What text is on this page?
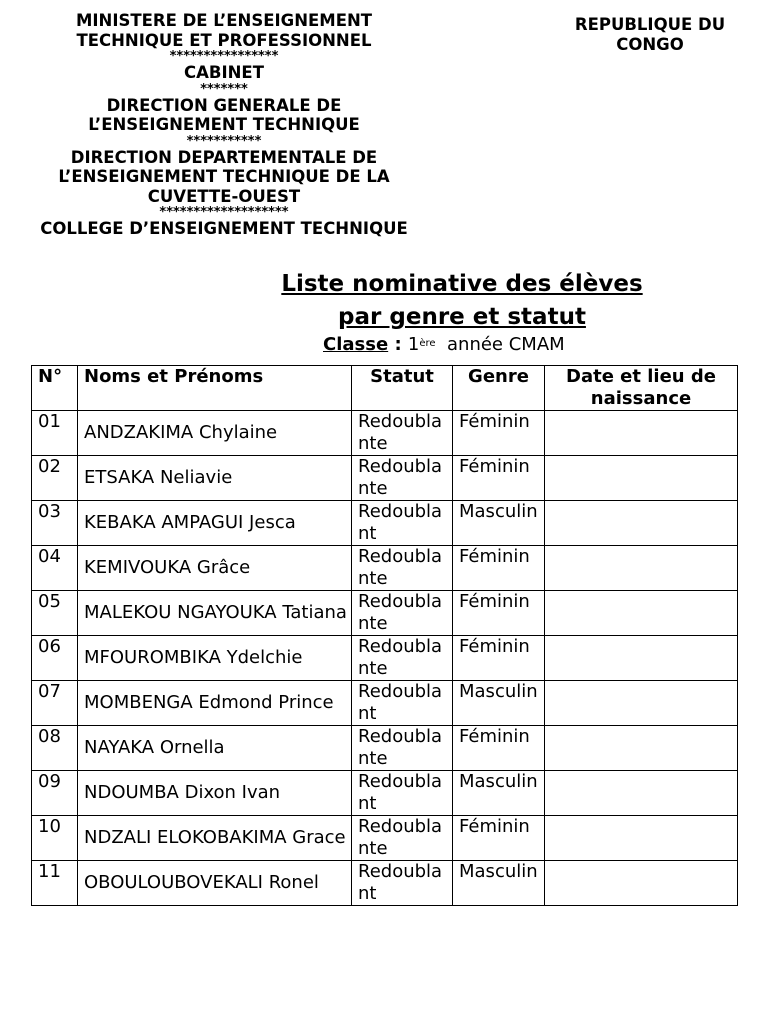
MINISTERE DE L’ENSEIGNEMENT
TECHNIQUE ET PROFESSIONNEL
****************
CABINET
*******
DIRECTION GENERALE DE
L’ENSEIGNEMENT TECHNIQUE
***********
DIRECTION DEPARTEMENTALE DE
L’ENSEIGNEMENT TECHNIQUE DE LA
CUVETTE-OUEST
*******************
COLLEGE D’ENSEIGNEMENT TECHNIQUE
REPUBLIQUE DU
CONGO
Liste nominative des élèves
par genre et statut
Classe : 1ère  année CMAM
N°	Noms et Prénoms	Statut	Genre	Date et lieu de naissance
01	ANDZAKIMA Chylaine	Redoublante	Féminin	
02	ETSAKA Neliavie	Redoublante	Féminin	
03	KEBAKA AMPAGUI Jesca	Redoublant	Masculin	
04	KEMIVOUKA Grâce	Redoublante	Féminin	
05	MALEKOU NGAYOUKA Tatiana	Redoublante	Féminin	
06	MFOUROMBIKA Ydelchie	Redoublante	Féminin	
07	MOMBENGA Edmond Prince	Redoublant	Masculin	
08	NAYAKA Ornella	Redoublante	Féminin	
09	NDOUMBA Dixon Ivan	Redoublant	Masculin	
10	NDZALI ELOKOBAKIMA Grace	Redoublante	Féminin	
11	OBOULOUBOVEKALI Ronel	Redoublant	Masculin	
